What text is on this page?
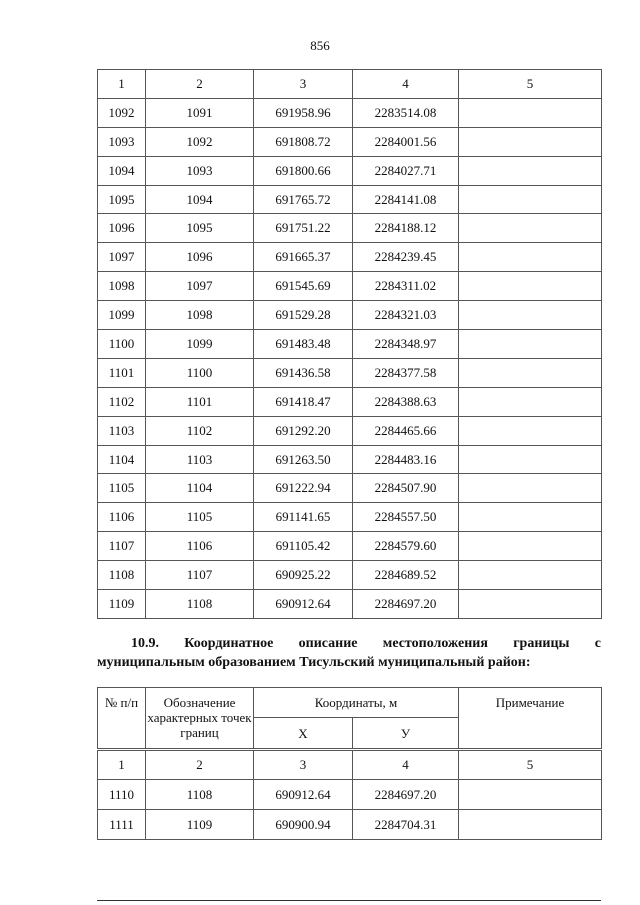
856
1	2	3	4	5
1092	1091	691958.96	2283514.08	
1093	1092	691808.72	2284001.56	
1094	1093	691800.66	2284027.71	
1095	1094	691765.72	2284141.08	
1096	1095	691751.22	2284188.12	
1097	1096	691665.37	2284239.45	
1098	1097	691545.69	2284311.02	
1099	1098	691529.28	2284321.03	
1100	1099	691483.48	2284348.97	
1101	1100	691436.58	2284377.58	
1102	1101	691418.47	2284388.63	
1103	1102	691292.20	2284465.66	
1104	1103	691263.50	2284483.16	
1105	1104	691222.94	2284507.90	
1106	1105	691141.65	2284557.50	
1107	1106	691105.42	2284579.60	
1108	1107	690925.22	2284689.52	
1109	1108	690912.64	2284697.20	
10.9. Координатное описание местоположения границы с
муниципальным образованием Тисульский муниципальный район:
№ п/п	Обозначение характерных точек границ	Координаты, м		Примечание
		X	У	

1	2	3	4	5
1110	1108	690912.64	2284697.20	
1111	1109	690900.94	2284704.31	
